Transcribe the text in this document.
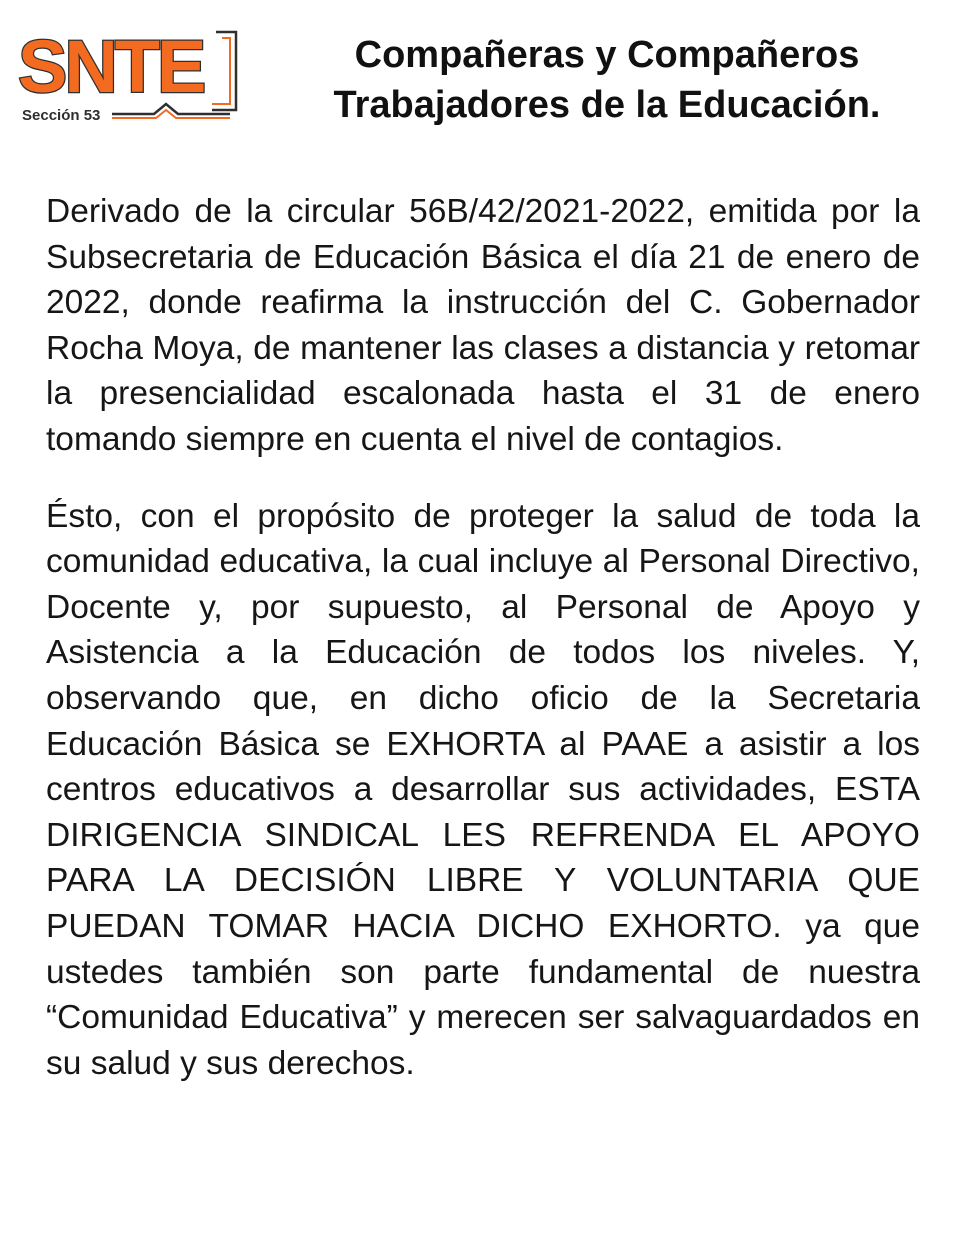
SNTE
Sección 53
Compañeras y Compañeros
Trabajadores de la Educación.

Derivado de la circular 56B/42/2021-2022, emitida por la Subsecretaria de Educación Básica el día 21 de enero de 2022, donde reafirma la instrucción del C. Gobernador Rocha Moya, de mantener las clases a distancia y retomar la presencialidad escalonada hasta el 31 de enero tomando siempre en cuenta el nivel de contagios.

Ésto, con el propósito de proteger la salud de toda la comunidad educativa, la cual incluye al Personal Directivo, Docente y, por supuesto, al Personal de Apoyo y Asistencia a la Educación de todos los niveles. Y, observando que, en dicho oficio de la Secretaria Educación Básica se EXHORTA al PAAE a asistir a los centros educativos a desarrollar sus actividades, ESTA DIRIGENCIA SINDICAL LES REFRENDA EL APOYO PARA LA DECISIÓN LIBRE Y VOLUNTARIA QUE PUEDAN TOMAR HACIA DICHO EXHORTO. ya que ustedes también son parte fundamental de nuestra “Comunidad Educativa” y merecen ser salvaguardados en su salud y sus derechos.
